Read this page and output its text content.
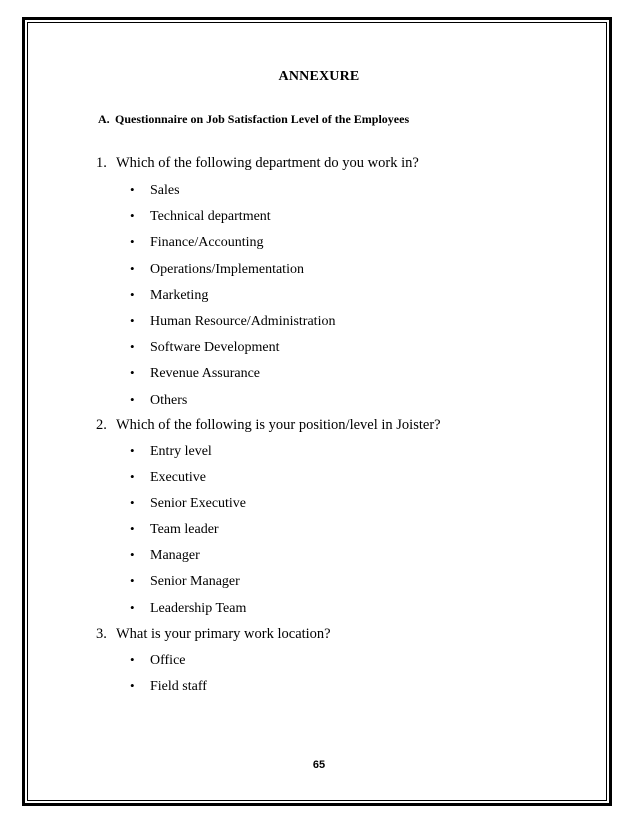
ANNEXURE
A. Questionnaire on Job Satisfaction Level of the Employees
1. Which of the following department do you work in?
• Sales
• Technical department
• Finance/Accounting
• Operations/Implementation
• Marketing
• Human Resource/Administration
• Software Development
• Revenue Assurance
• Others
2. Which of the following is your position/level in Joister?
• Entry level
• Executive
• Senior Executive
• Team leader
• Manager
• Senior Manager
• Leadership Team
3. What is your primary work location?
• Office
• Field staff
65
